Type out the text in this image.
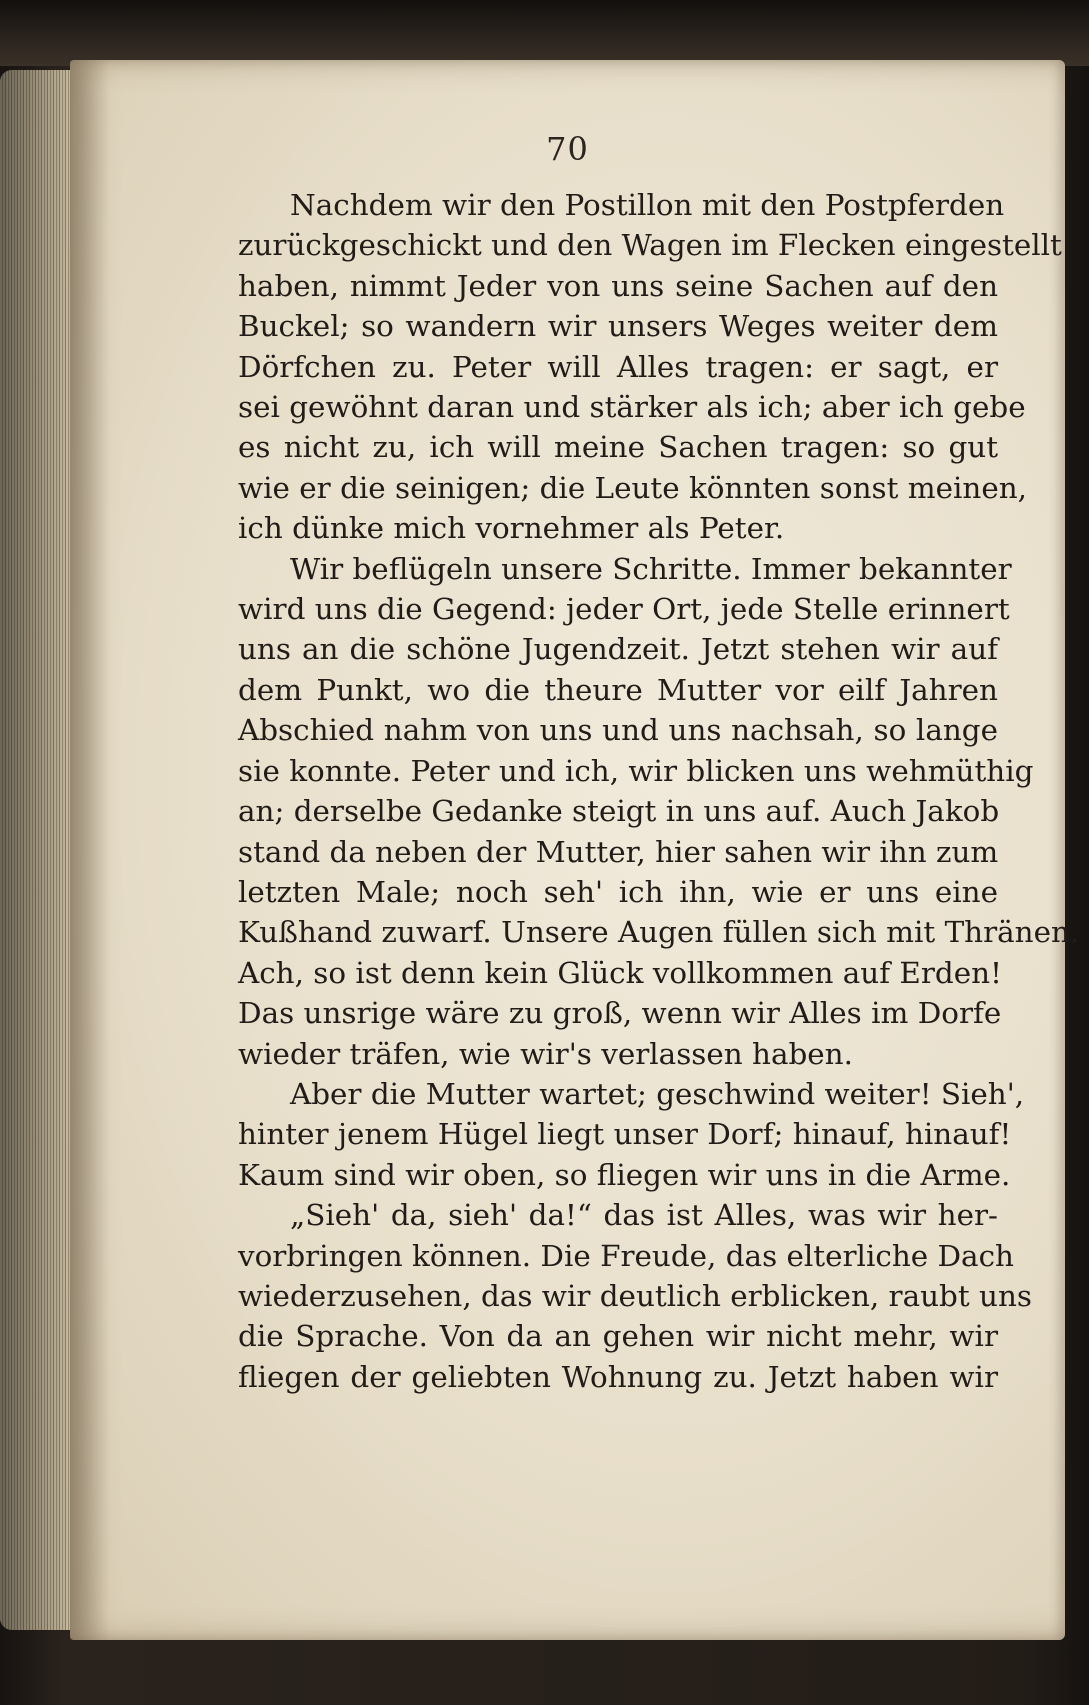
70

Nachdem wir den Postillon mit den Postpferden
zurückgeschickt und den Wagen im Flecken eingestellt
haben, nimmt Jeder von uns seine Sachen auf den
Buckel; so wandern wir unsers Weges weiter dem
Dörfchen zu. Peter will Alles tragen: er sagt, er
sei gewöhnt daran und stärker als ich; aber ich gebe
es nicht zu, ich will meine Sachen tragen: so gut
wie er die seinigen; die Leute könnten sonst meinen,
ich dünke mich vornehmer als Peter.

Wir beflügeln unsere Schritte. Immer bekannter
wird uns die Gegend: jeder Ort, jede Stelle erinnert
uns an die schöne Jugendzeit. Jetzt stehen wir auf
dem Punkt, wo die theure Mutter vor eilf Jahren
Abschied nahm von uns und uns nachsah, so lange
sie konnte. Peter und ich, wir blicken uns wehmüthig
an; derselbe Gedanke steigt in uns auf. Auch Jakob
stand da neben der Mutter, hier sahen wir ihn zum
letzten Male; noch seh' ich ihn, wie er uns eine
Kußhand zuwarf. Unsere Augen füllen sich mit Thränen.
Ach, so ist denn kein Glück vollkommen auf Erden!
Das unsrige wäre zu groß, wenn wir Alles im Dorfe
wieder träfen, wie wir's verlassen haben.

Aber die Mutter wartet; geschwind weiter! Sieh',
hinter jenem Hügel liegt unser Dorf; hinauf, hinauf!
Kaum sind wir oben, so fliegen wir uns in die Arme.

„Sieh' da, sieh' da!“ das ist Alles, was wir her-
vorbringen können. Die Freude, das elterliche Dach
wiederzusehen, das wir deutlich erblicken, raubt uns
die Sprache. Von da an gehen wir nicht mehr, wir
fliegen der geliebten Wohnung zu. Jetzt haben wir
